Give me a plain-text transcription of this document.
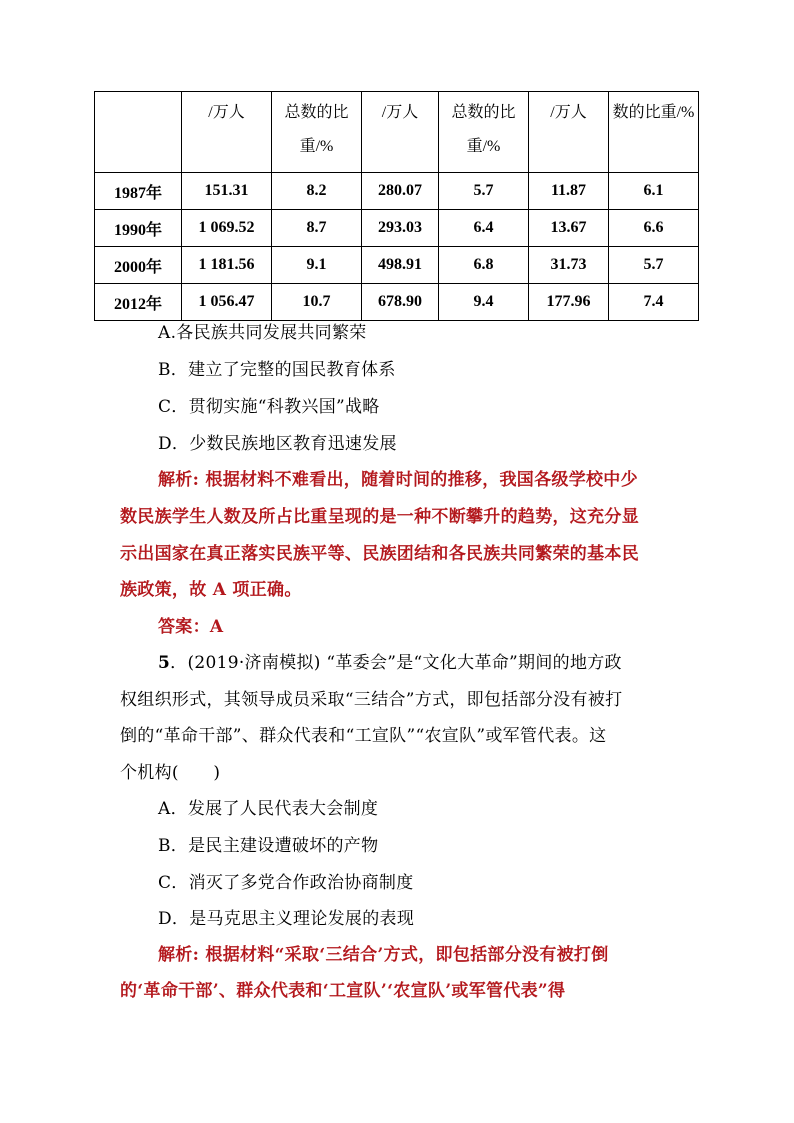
	/万人	总数的比重/%	/万人	总数的比重/%	/万人	数的比重/%
1987年	151.31	8.2	280.07	5.7	11.87	6.1
1990年	1 069.52	8.7	293.03	6.4	13.67	6.6
2000年	1 181.56	9.1	498.91	6.8	31.73	5.7
2012年	1 056.47	10.7	678.90	9.4	177.96	7.4
A.各民族共同发展共同繁荣
B．建立了完整的国民教育体系
C．贯彻实施“科教兴国”战略
D．少数民族地区教育迅速发展
解析: 根据材料不难看出，随着时间的推移，我国各级学校中少
数民族学生人数及所占比重呈现的是一种不断攀升的趋势，这充分显
示出国家在真正落实民族平等、民族团结和各民族共同繁荣的基本民
族政策，故 A 项正确。
答案：A
5．(2019·济南模拟) “革委会”是“文化大革命”期间的地方政
权组织形式，其领导成员采取“三结合”方式，即包括部分没有被打
倒的“革命干部”、群众代表和“工宣队”“农宣队”或军管代表。这
个机构(　　)
A．发展了人民代表大会制度
B．是民主建设遭破坏的产物
C．消灭了多党合作政治协商制度
D．是马克思主义理论发展的表现
解析: 根据材料“采取‘三结合’方式，即包括部分没有被打倒
的‘革命干部’、群众代表和‘工宣队’‘农宣队’或军管代表”得
